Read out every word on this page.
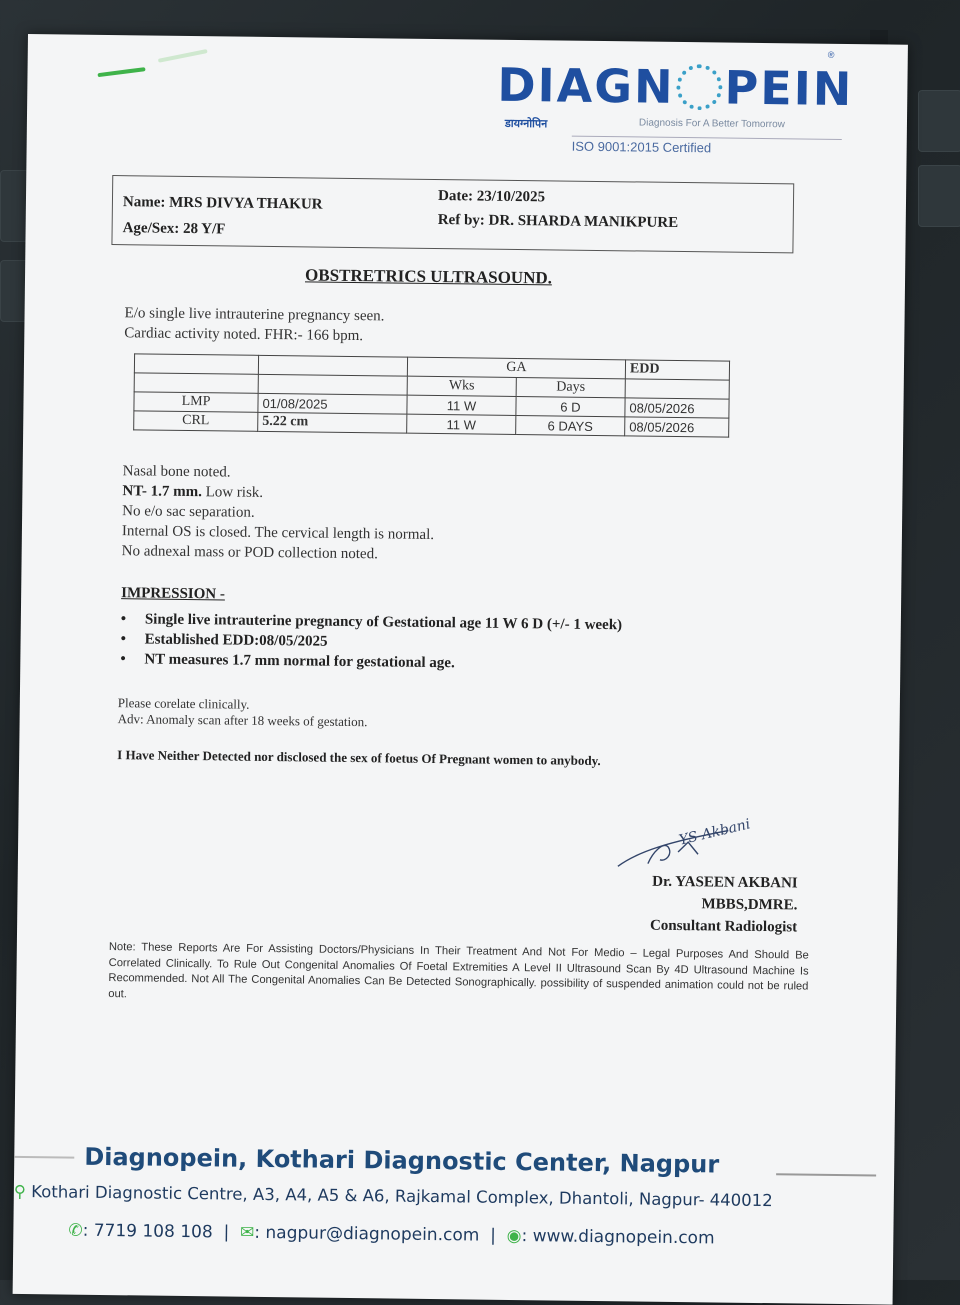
DIAGN PEIN
®
डायग्नोपिन	Diagnosis For A Better Tomorrow
ISO 9001:2015 Certified
Name: MRS DIVYA THAKUR
Age/Sex: 28 Y/F
Date: 23/10/2025
Ref by: DR. SHARDA MANIKPURE
OBSTRETRICS ULTRASOUND.
E/o single live intrauterine pregnancy seen.
Cardiac activity noted. FHR:- 166 bpm.
		GA		EDD
		Wks	Days	
LMP	01/08/2025	11 W	6 D	08/05/2026
CRL	5.22 cm	11 W	6 DAYS	08/05/2026
Nasal bone noted.
NT- 1.7 mm. Low risk.
No e/o sac separation.
Internal OS is closed. The cervical length is normal.
No adnexal mass or POD collection noted.
IMPRESSION -
•     Single live intrauterine pregnancy of Gestational age 11 W 6 D (+/- 1 week)
•     Established EDD:08/05/2025
•     NT measures 1.7 mm normal for gestational age.
Please corelate clinically.
Adv: Anomaly scan after 18 weeks of gestation.
I Have Neither Detected nor disclosed the sex of foetus Of Pregnant women to anybody.
YS Akbani
Dr. YASEEN AKBANI
MBBS,DMRE.
Consultant Radiologist
Note: These Reports Are For Assisting Doctors/Physicians In Their Treatment And Not For Medio – Legal Purposes And Should Be Correlated Clinically. To Rule Out Congenital Anomalies Of Foetal Extremities A Level II Ultrasound Scan By 4D Ultrasound Machine Is Recommended. Not All The Congenital Anomalies Can Be Detected Sonographically. possibility of suspended animation could not be ruled out.
Diagnopein, Kothari Diagnostic Center, Nagpur
⚲ Kothari Diagnostic Centre, A3, A4, A5 & A6, Rajkamal Complex, Dhantoli, Nagpur- 440012
✆: 7719 108 108 | ✉: nagpur@diagnopein.com | ◉: www.diagnopein.com
